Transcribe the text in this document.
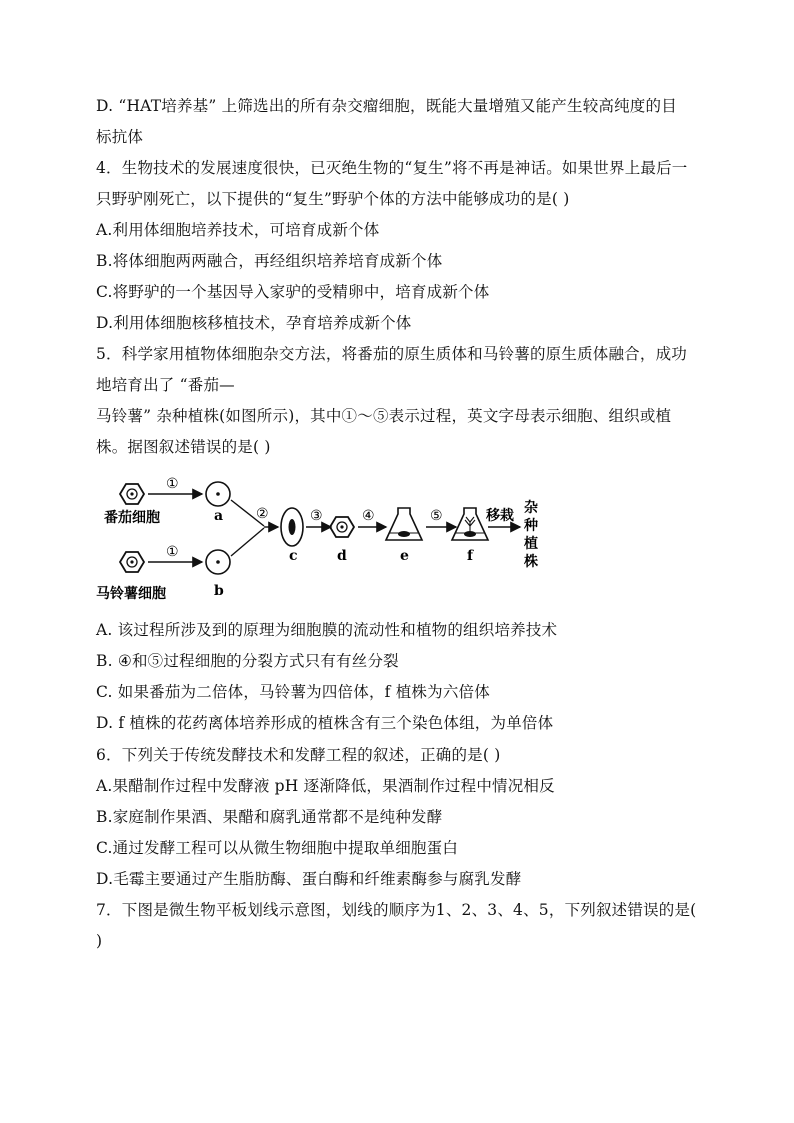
D. “HAT培养基” 上筛选出的所有杂交瘤细胞，既能大量增殖又能产生较高纯度的目
标抗体
4．生物技术的发展速度很快，已灭绝生物的“复生”将不再是神话。如果世界上最后一
只野驴刚死亡，以下提供的“复生”野驴个体的方法中能够成功的是( )
A.利用体细胞培养技术，可培育成新个体
B.将体细胞两两融合，再经组织培养培育成新个体
C.将野驴的一个基因导入家驴的受精卵中，培育成新个体
D.利用体细胞核移植技术，孕育培养成新个体
5．科学家用植物体细胞杂交方法，将番茄的原生质体和马铃薯的原生质体融合，成功
地培育出了 “番茄—
马铃薯” 杂种植株(如图所示)，其中①～⑤表示过程，英文字母表示细胞、组织或植
株。据图叙述错误的是( )
A. 该过程所涉及到的原理为细胞膜的流动性和植物的组织培养技术
B. ④和⑤过程细胞的分裂方式只有有丝分裂
C. 如果番茄为二倍体，马铃薯为四倍体，f 植株为六倍体
D. f 植株的花药离体培养形成的植株含有三个染色体组，为单倍体
6．下列关于传统发酵技术和发酵工程的叙述，正确的是( )
A.果醋制作过程中发酵液 pH 逐渐降低，果酒制作过程中情况相反
B.家庭制作果酒、果醋和腐乳通常都不是纯种发酵
C.通过发酵工程可以从微生物细胞中提取单细胞蛋白
D.毛霉主要通过产生脂肪酶、蛋白酶和纤维素酶参与腐乳发酵
7．下图是微生物平板划线示意图，划线的顺序为1、2、3、4、5，下列叙述错误的是(
)
番茄细胞
马铃薯细胞
①
①
a
b
②
c
③
d
④
e
⑤
f
移栽 杂
种
植
株
